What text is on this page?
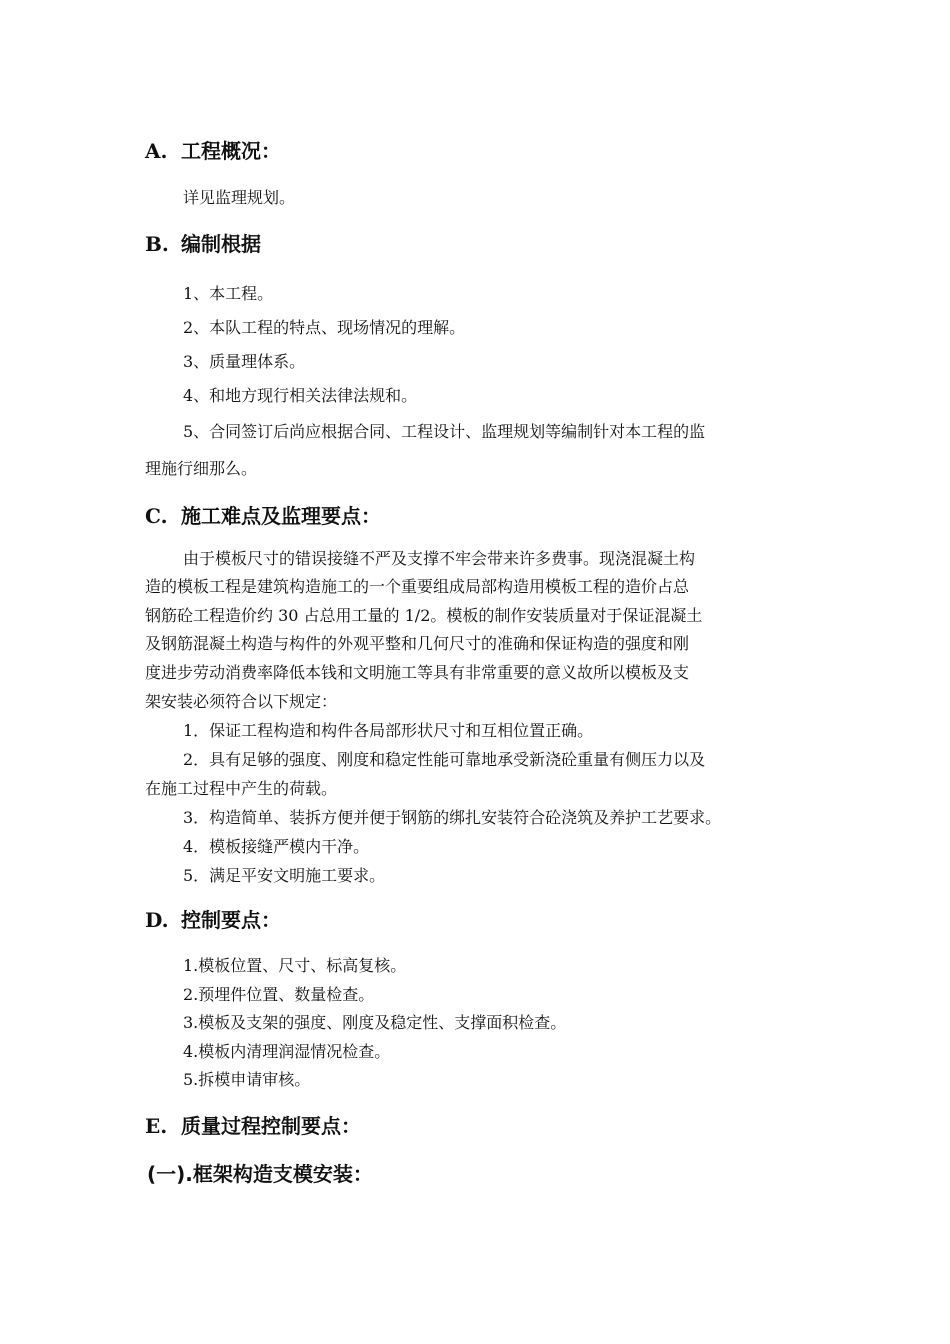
A. 工程概况：
详见监理规划。
B. 编制根据
1、本工程。
2、本队工程的特点、现场情况的理解。
3、质量理体系。
4、和地方现行相关法律法规和。
5、合同签订后尚应根据合同、工程设计、监理规划等编制针对本工程的监
理施行细那么。
C. 施工难点及监理要点：
由于模板尺寸的错误接缝不严及支撑不牢会带来许多费事。现浇混凝土构
造的模板工程是建筑构造施工的一个重要组成局部构造用模板工程的造价占总
钢筋砼工程造价约 30 占总用工量的 1/2。模板的制作安装质量对于保证混凝土
及钢筋混凝土构造与构件的外观平整和几何尺寸的准确和保证构造的强度和刚
度进步劳动消费率降低本钱和文明施工等具有非常重要的意义故所以模板及支
架安装必须符合以下规定：
1．保证工程构造和构件各局部形状尺寸和互相位置正确。
2．具有足够的强度、刚度和稳定性能可靠地承受新浇砼重量有侧压力以及
在施工过程中产生的荷载。
3．构造简单、装拆方便并便于钢筋的绑扎安装符合砼浇筑及养护工艺要求。
4．模板接缝严模内干净。
5．满足平安文明施工要求。
D. 控制要点：
1.模板位置、尺寸、标高复核。
2.预埋件位置、数量检查。
3.模板及支架的强度、刚度及稳定性、支撑面积检查。
4.模板内清理润湿情况检查。
5.拆模申请审核。
E. 质量过程控制要点：
(一).框架构造支模安装：
